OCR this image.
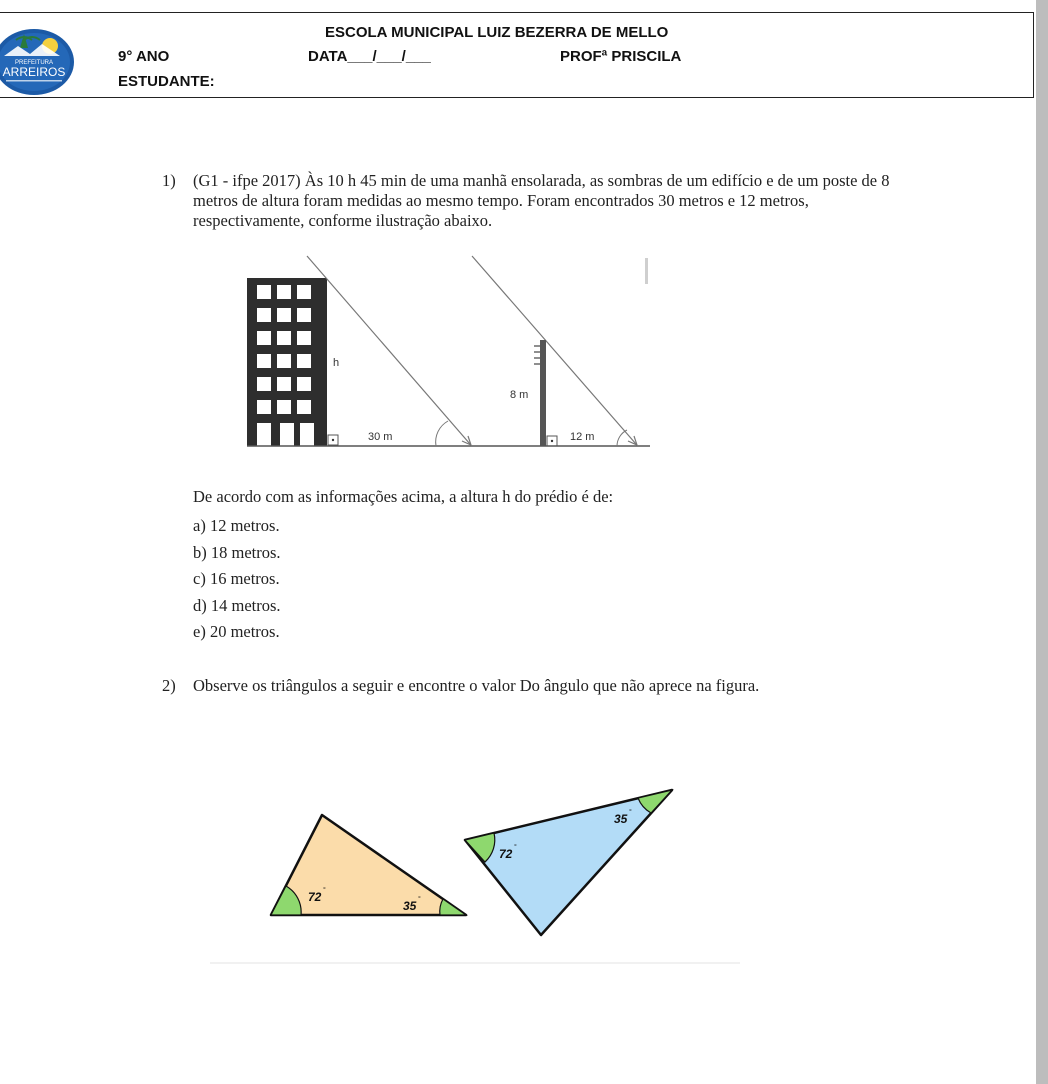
PREFEITURA
ARREIROS
ESCOLA MUNICIPAL LUIZ BEZERRA DE MELLO
9° ANO	DATA___/___/___	PROFª PRISCILA
ESTUDANTE:
1) (G1 - ifpe 2017) Às 10 h 45 min de uma manhã ensolarada, as sombras de um edifício e de um poste de 8 metros de altura foram medidas ao mesmo tempo. Foram encontrados 30 metros e 12 metros, respectivamente, conforme ilustração abaixo.
h
30 m
8 m
12 m
De acordo com as informações acima, a altura h do prédio é de:
a) 12 metros.
b) 18 metros.
c) 16 metros.
d) 14 metros.
e) 20 metros.
2) Observe os triângulos a seguir e encontre o valor Do ângulo que não aprece na figura.
72 °
35 °
72 °
35 °
